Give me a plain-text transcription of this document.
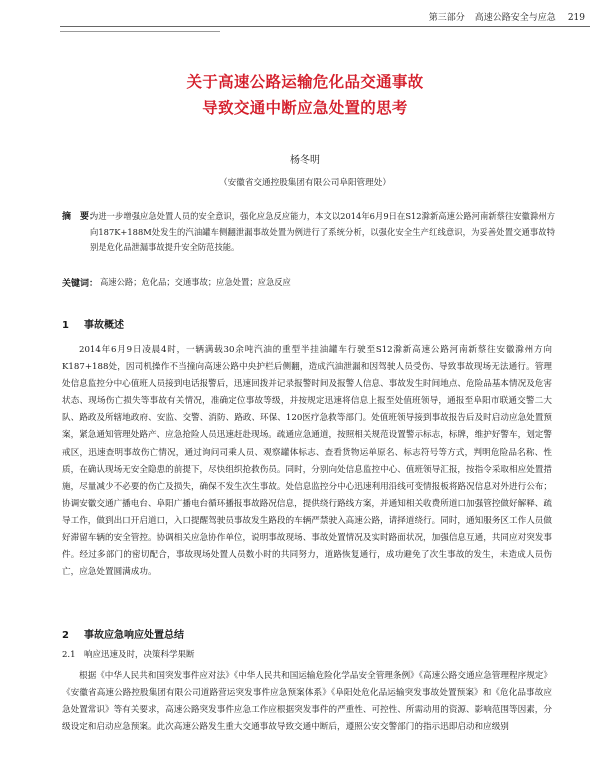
第三部分 高速公路安全与应急 219
关于高速公路运输危化品交通事故
导致交通中断应急处置的思考
杨冬明
（安徽省交通控股集团有限公司阜阳管理处）
摘　要：
为进一步增强应急处置人员的安全意识，强化应急反应能力，本文以2014年6月9日在S12滁新高速公路河南新蔡往安徽滁州方向187K+188M处发生的汽油罐车侧翻泄漏事故处置为例进行了系统分析，以强化安全生产红线意识，为妥善处置交通事故特别是危化品泄漏事故提升安全防范技能。
关键词： 高速公路；危化品；交通事故；应急处置；应急反应
1 事故概述
2014年6月9日凌晨4时，一辆满载30余吨汽油的重型半挂油罐车行驶至S12滁新高速公路河南新蔡往安徽滁州方向K187+188处，因司机操作不当撞向高速公路中央护栏后侧翻，造成汽油泄漏和因驾驶人员受伤、导致事故现场无法通行。管理处信息监控分中心值班人员接到电话报警后，迅速回拨并记录报警时间及报警人信息、事故发生时间地点、危险品基本情况及危害状态、现场伤亡损失等事故有关情况，准确定位事故等级，并按规定迅速将信息上报至处值班领导，通报至阜阳市联通交警二大队、路政及所辖地政府、安监、交警、消防、路政、环保、120医疗急救等部门。处值班领导接到事故报告后及时启动应急处置预案，紧急通知管理处路产、应急抢险人员迅速赶赴现场。疏通应急通道，按照相关规范设置警示标志，标牌，维护好警车，划定警戒区，迅速查明事故伤亡情况，通过询问司乘人员、观察罐体标志、查看货物运单原名、标志符号等方式，判明危险品名称、性质，在确认现场无安全隐患的前提下，尽快组织抢救伤员。同时，分别向处信息监控中心、值班领导汇报，按指令采取相应处置措施，尽量减少不必要的伤亡及损失，确保不发生次生事故。处信息监控分中心迅速利用沿线可变情报板将路况信息对外进行公布；协调安徽交通广播电台、阜阳广播电台循环播报事故路况信息，提供绕行路线方案，并通知相关收费所道口加强管控做好解释、疏导工作，做到出口开启道口，入口提醒驾驶员事故发生路段的车辆严禁驶入高速公路，请择道绕行。同时，通知服务区工作人员做好滞留车辆的安全管控。协调相关应急协作单位，说明事故现场、事故处置情况及实时路面状况，加强信息互通，共同应对突发事件。经过多部门的密切配合，事故现场处置人员数小时的共同努力，道路恢复通行，成功避免了次生事故的发生，未造成人员伤亡，应急处置圆满成功。
2 事故应急响应处置总结
2.1 响应迅速及时，决策科学果断
根据《中华人民共和国突发事件应对法》《中华人民共和国运输危险化学品安全管理条例》《高速公路交通应急管理程序规定》《安徽省高速公路控股集团有限公司道路营运突发事件应急预案体系》《阜阳处危化品运输突发事故处置预案》和《危化品事故应急处置常识》等有关要求，高速公路突发事件应急工作应根据突发事件的严重性、可控性、所需动用的资源、影响范围等因素，分级设定和启动应急预案。此次高速公路发生重大交通事故导致交通中断后，遵照公安交警部门的指示迅即启动和应级别
